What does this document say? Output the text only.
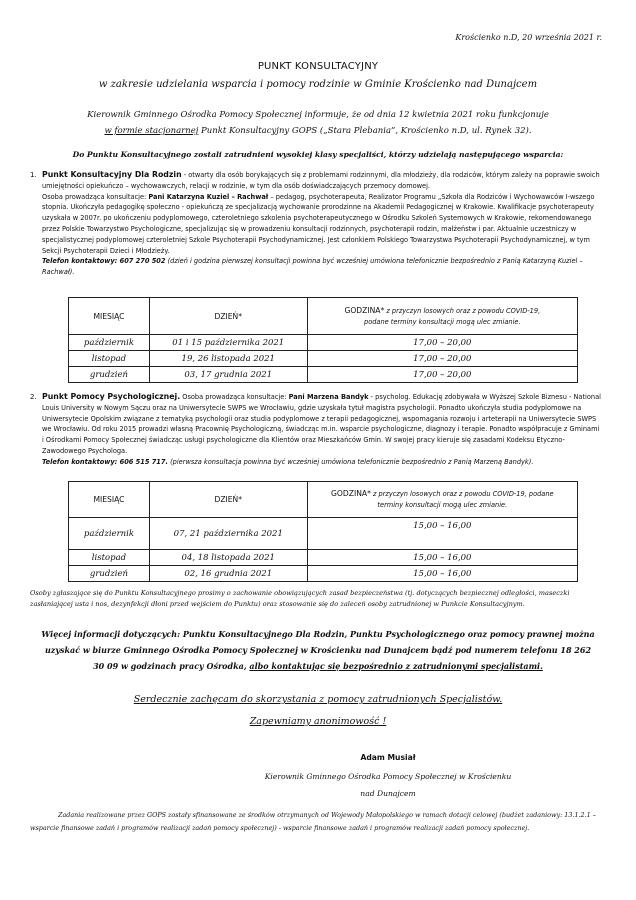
Krościenko n.D, 20 września 2021 r.
PUNKT KONSULTACYJNY
w zakresie udzielania wsparcia i pomocy rodzinie w Gminie Krościenko nad Dunajcem
Kierownik Gminnego Ośrodka Pomocy Społecznej informuje, że od dnia 12 kwietnia 2021 roku funkcjonuje
w formie stacjonarnej Punkt Konsultacyjny GOPS („Stara Plebania”, Krościenko n.D, ul. Rynek 32).
Do Punktu Konsultacyjnego zostali zatrudnieni wysokiej klasy specjaliści, którzy udzielają następującego wsparcia:
1. Punkt Konsultacyjny Dla Rodzin - otwarty dla osób borykających się z problemami rodzinnymi, dla młodzieży, dla rodziców, którym zależy na poprawie swoich umiejętności opiekuńczo – wychowawczych, relacji w rodzinie, w tym dla osób doświadczających przemocy domowej.
Osoba prowadząca konsultacje: Pani Katarzyna Kuziel – Rachwał – pedagog, psychoterapeuta, Realizator Programu „Szkoła dla Rodziców i Wychowawców I-wszego stopnia. Ukończyła pedagogikę społeczno - opiekuńczą ze specjalizacją wychowanie prorodzinne na Akademii Pedagogicznej w Krakowie. Kwalifikacje psychoterapeuty uzyskała w 2007r. po ukończeniu podyplomowego, czteroletniego szkolenia psychoterapeutycznego w Ośrodku Szkoleń Systemowych w Krakowie, rekomendowanego przez Polskie Towarzystwo Psychologiczne, specjalizując się w prowadzeniu konsultacji rodzinnych, psychoterapii rodzin, małżeństw i par. Aktualnie uczestniczy w specjalistycznej podyplomowej czteroletniej Szkole Psychoterapii Psychodynamicznej. Jest członkiem Polskiego Towarzystwa Psychoterapii Psychodynamicznej, w tym Sekcji Psychoterapii Dzieci i Młodzieży.
Telefon kontaktowy: 607 270 502 (dzień i godzina pierwszej konsultacji powinna być wcześniej umówiona telefonicznie bezpośrednio z Panią Katarzyną Kuziel – Rachwał).
MIESIĄC	DZIEŃ*	GODZINA* z przyczyn losowych oraz z powodu COVID-19,
podane terminy konsultacji mogą ulec zmianie.
październik	01 i 15 października 2021	17,00 – 20,00
listopad	19, 26 listopada 2021	17,00 – 20,00
grudzień	03, 17 grudnia 2021	17,00 – 20,00
2. Punkt Pomocy Psychologicznej. Osoba prowadząca konsultacje: Pani Marzena Bandyk - psycholog. Edukację zdobywała w Wyższej Szkole Biznesu - National Louis University w Nowym Sączu oraz na Uniwersytecie SWPS we Wrocławiu, gdzie uzyskała tytuł magistra psychologii. Ponadto ukończyła studia podyplomowe na Uniwersytecie Opolskim związane z tematyką psychologii oraz studia podyplomowe z terapii pedagogicznej, wspomagania rozwoju i arteterapii na Uniwersytecie SWPS we Wrocławiu. Od roku 2015 prowadzi własną Pracownię Psychologiczną, świadcząc m.in. wsparcie psychologiczne, diagnozy i terapie. Ponadto współpracuje z Gminami i Ośrodkami Pomocy Społecznej świadcząc usługi psychologiczne dla Klientów oraz Mieszkańców Gmin. W swojej pracy kieruje się zasadami Kodeksu Etyczno- Zawodowego Psychologa.
Telefon kontaktowy: 606 515 717. (pierwsza konsultacja powinna być wcześniej umówiona telefonicznie bezpośrednio z Panią Marzeną Bandyk).
MIESIĄC	DZIEŃ*	GODZINA* z przyczyn losowych oraz z powodu COVID-19, podane
terminy konsultacji mogą ulec zmianie.
październik	07, 21 października 2021	15,00 – 16,00
listopad	04, 18 listopada 2021	15,00 – 16,00
grudzień	02, 16 grudnia 2021	15,00 – 16,00
Osoby zgłaszające się do Punktu Konsultacyjnego prosimy o zachowanie obowiązujących zasad bezpieczeństwa (tj. dotyczących bezpiecznej odległości, maseczki zasłaniającej usta i nos, dezynfekcji dłoni przed wejściem do Punktu) oraz stosowanie się do zaleceń osoby zatrudnionej w Punkcie Konsultacyjnym.
Więcej informacji dotyczących: Punktu Konsultacyjnego Dla Rodzin, Punktu Psychologicznego oraz pomocy prawnej można uzyskać w biurze Gminnego Ośrodka Pomocy Społecznej w Krościenku nad Dunajcem bądź pod numerem telefonu 18 262 30 09 w godzinach pracy Ośrodka, albo kontaktując się bezpośrednio z zatrudnionymi specjalistami.
Serdecznie zachęcam do skorzystania z pomocy zatrudnionych Specjalistów.
Zapewniamy anonimowość !
Adam Musiał
Kierownik Gminnego Ośrodka Pomocy Społecznej w Krościenku
nad Dunajcem
Zadania realizowane przez GOPS zostały sfinansowane ze środków otrzymanych od Wojewody Małopolskiego w ramach dotacji celowej (budżet zadaniowy: 13.1.2.1 – wsparcie finansowe zadań i programów realizacji zadań pomocy społecznej) - wsparcie finansowe zadań i programów realizacji zadań pomocy społecznej.
